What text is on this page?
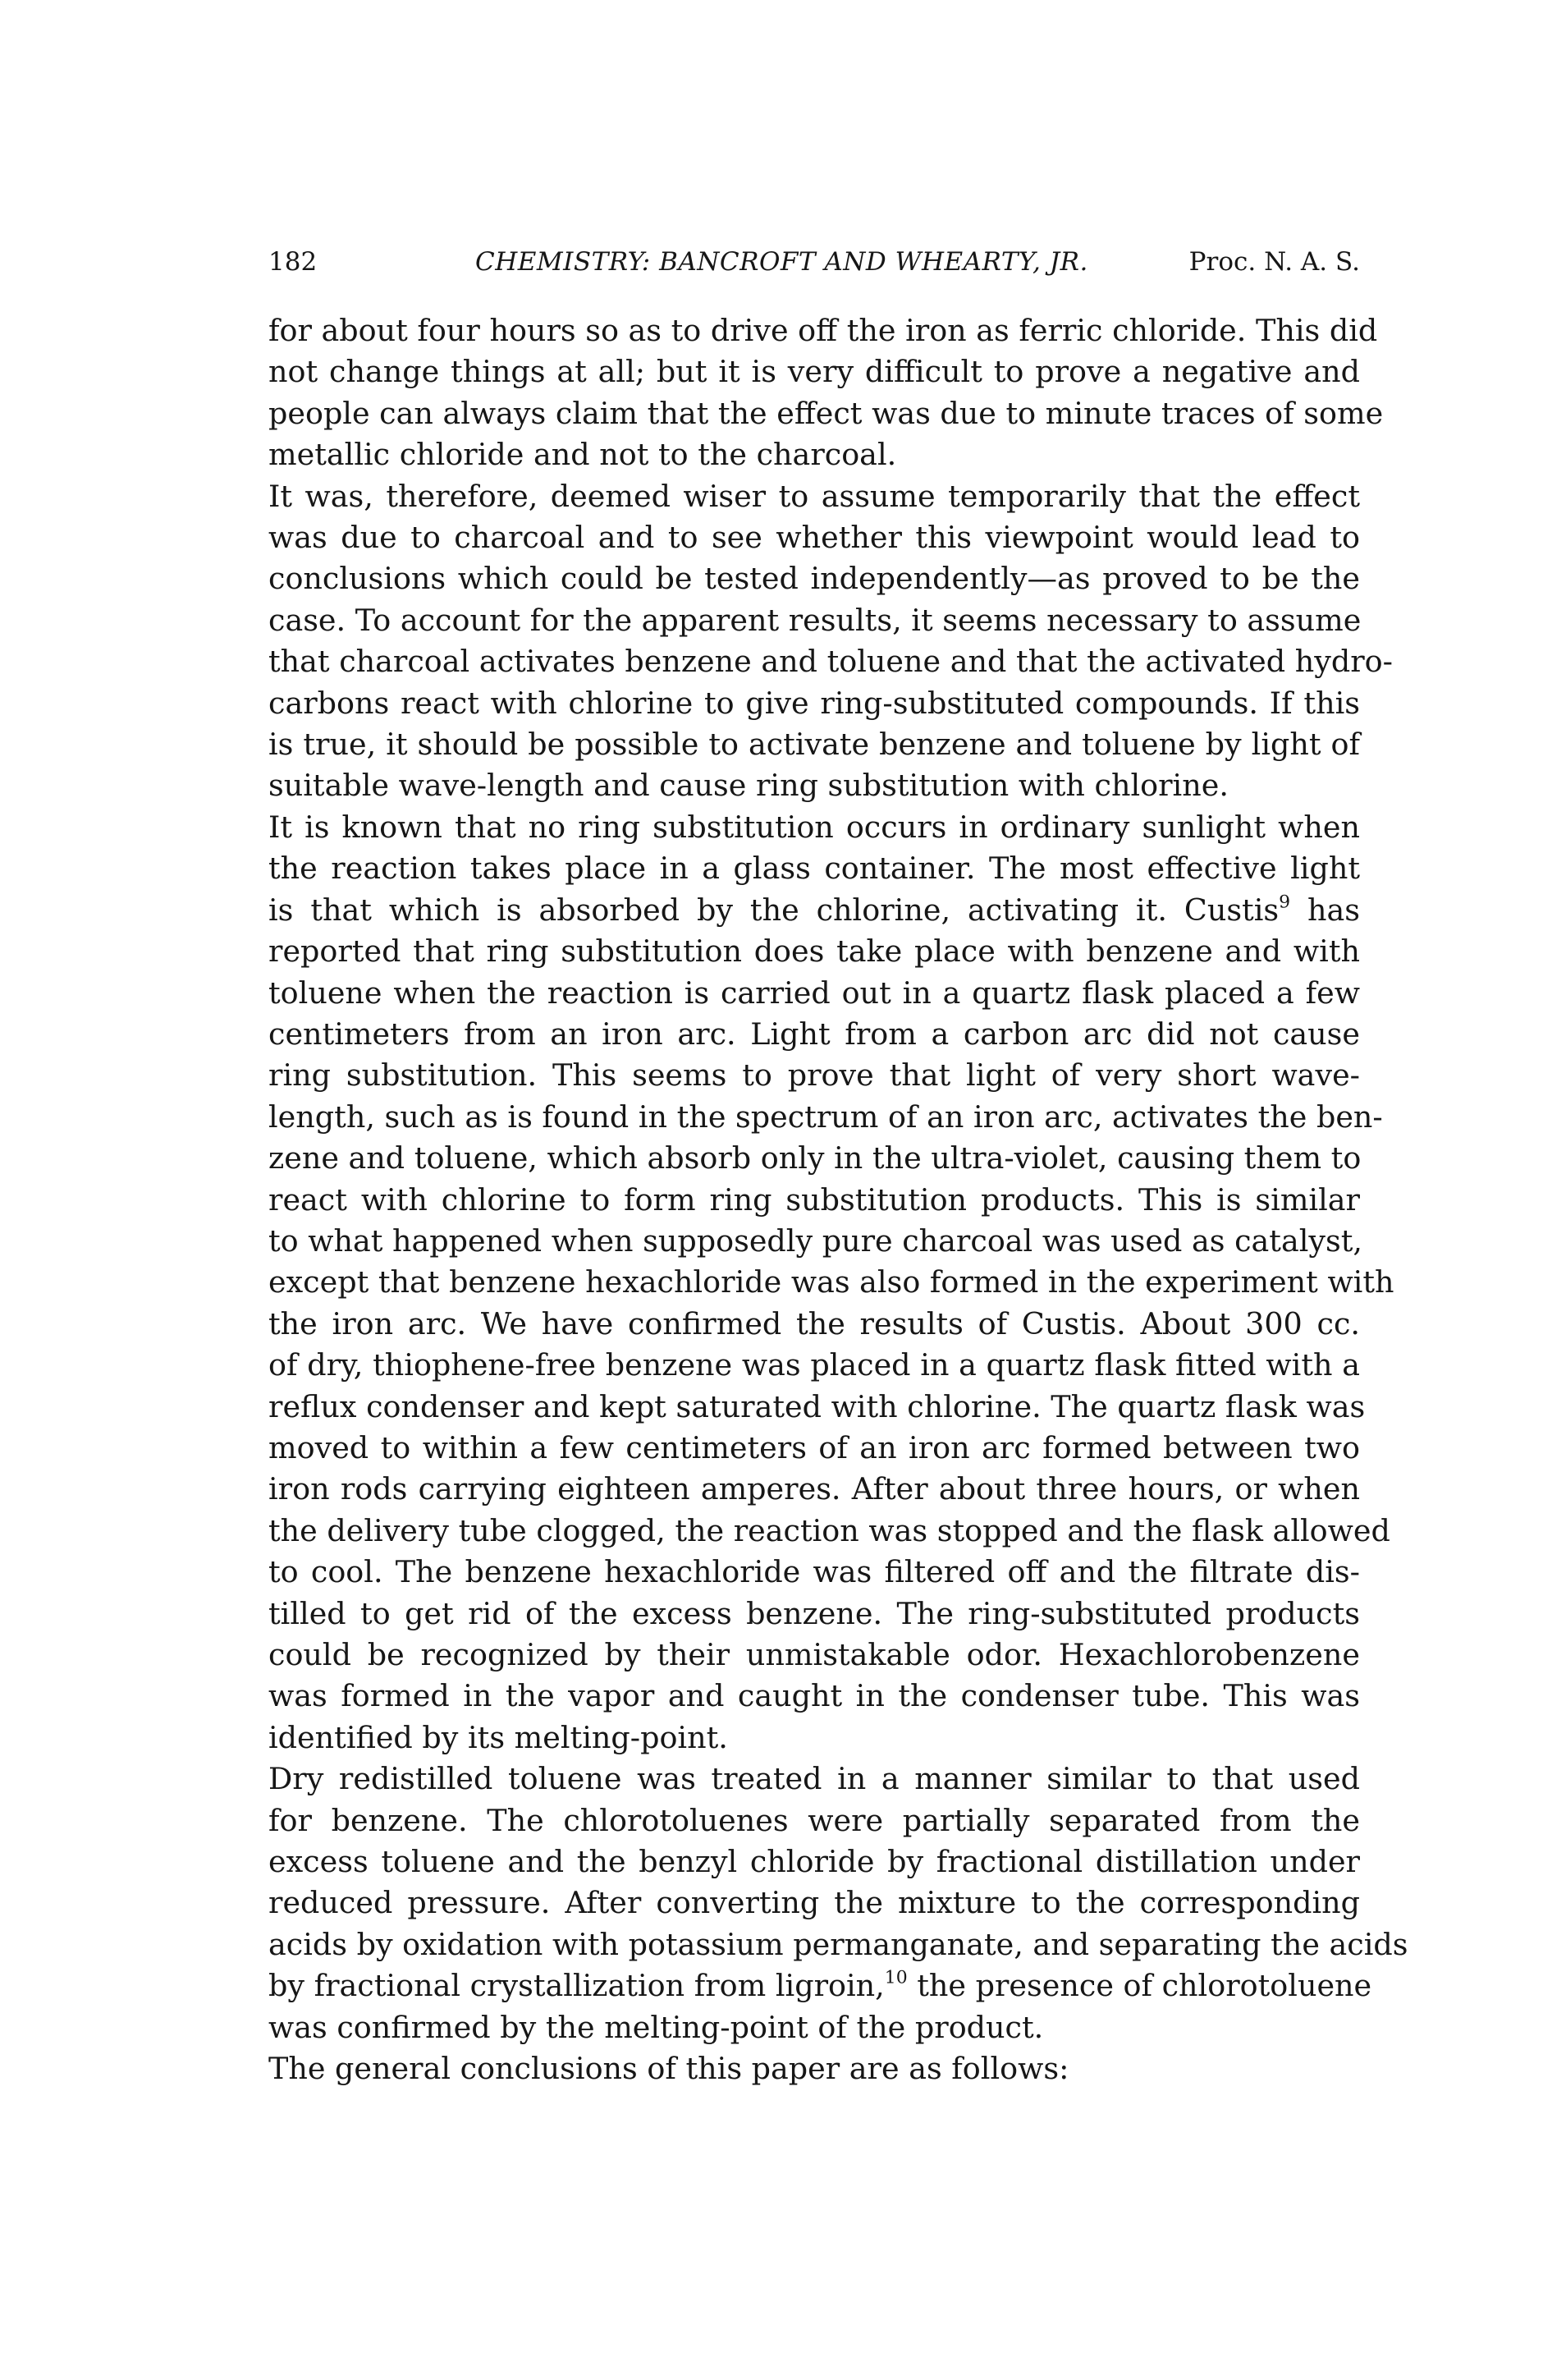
182	CHEMISTRY: BANCROFT AND WHEARTY, JR.	Proc. N. A. S.

for about four hours so as to drive off the iron as ferric chloride. This did
not change things at all; but it is very difficult to prove a negative and
people can always claim that the effect was due to minute traces of some
metallic chloride and not to the charcoal.

It was, therefore, deemed wiser to assume temporarily that the effect
was due to charcoal and to see whether this viewpoint would lead to
conclusions which could be tested independently—as proved to be the
case. To account for the apparent results, it seems necessary to assume
that charcoal activates benzene and toluene and that the activated hydro-
carbons react with chlorine to give ring-substituted compounds. If this
is true, it should be possible to activate benzene and toluene by light of
suitable wave-length and cause ring substitution with chlorine.

It is known that no ring substitution occurs in ordinary sunlight when
the reaction takes place in a glass container. The most effective light
is that which is absorbed by the chlorine, activating it. Custis$^9$ has
reported that ring substitution does take place with benzene and with
toluene when the reaction is carried out in a quartz flask placed a few
centimeters from an iron arc. Light from a carbon arc did not cause
ring substitution. This seems to prove that light of very short wave-
length, such as is found in the spectrum of an iron arc, activates the ben-
zene and toluene, which absorb only in the ultra-violet, causing them to
react with chlorine to form ring substitution products. This is similar
to what happened when supposedly pure charcoal was used as catalyst,
except that benzene hexachloride was also formed in the experiment with
the iron arc. We have confirmed the results of Custis. About 300 cc.
of dry, thiophene-free benzene was placed in a quartz flask fitted with a
reflux condenser and kept saturated with chlorine. The quartz flask was
moved to within a few centimeters of an iron arc formed between two
iron rods carrying eighteen amperes. After about three hours, or when
the delivery tube clogged, the reaction was stopped and the flask allowed
to cool. The benzene hexachloride was filtered off and the filtrate dis-
tilled to get rid of the excess benzene. The ring-substituted products
could be recognized by their unmistakable odor. Hexachlorobenzene
was formed in the vapor and caught in the condenser tube. This was
identified by its melting-point.

Dry redistilled toluene was treated in a manner similar to that used
for benzene. The chlorotoluenes were partially separated from the
excess toluene and the benzyl chloride by fractional distillation under
reduced pressure. After converting the mixture to the corresponding
acids by oxidation with potassium permanganate, and separating the acids
by fractional crystallization from ligroin,$^{10}$ the presence of chlorotoluene
was confirmed by the melting-point of the product.

The general conclusions of this paper are as follows:
